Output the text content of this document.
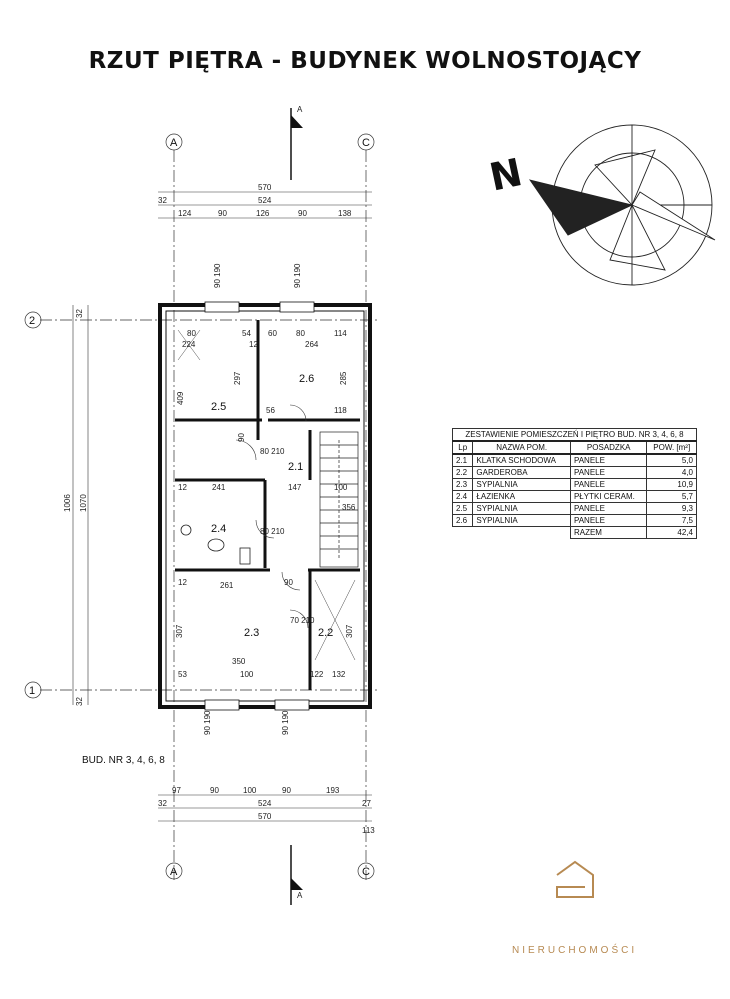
RZUT PIĘTRA - BUDYNEK WOLNOSTOJĄCY
A	C
A	C
2
1
A
A
570
524
32
124	90	126	90	138
1006 1070
32
32
2.1
2.2
2.3
2.4
2.5
2.6
80	54 60 80	114
224	12	264
297	285
409
56	118
90
147	100
356
241
261
307	307
350
53	100	122 132
80 210
80 210
70 210
90 190	90 190
90 190	90 190
90
12
12
97	90	100	90	193
524
32	27
570
113
N
ZESTAWIENIE POMIESZCZEŃ I PIĘTRO BUD. NR 3, 4, 6, 8			
Lp	NAZWA POM.	POSADZKA	POW. [m²]
2.1	KLATKA SCHODOWA	PANELE	5,0
2.2	GARDEROBA	PANELE	4,0
2.3	SYPIALNIA	PANELE	10,9
2.4	ŁAZIENKA	PŁYTKI CERAM.	5,7
2.5	SYPIALNIA	PANELE	9,3
2.6	SYPIALNIA	PANELE	7,5
		RAZEM	42,4
BUD. NR 3, 4, 6, 8
NIERUCHOMOŚCI
